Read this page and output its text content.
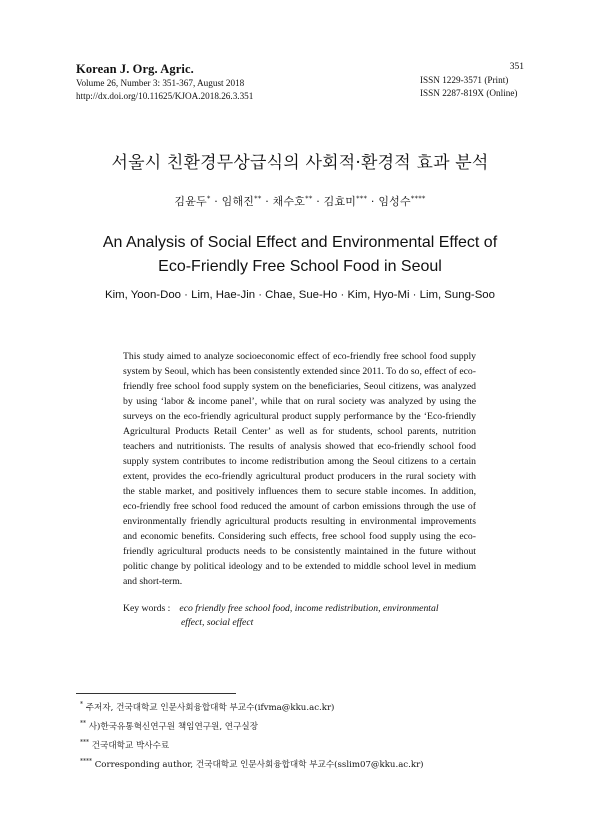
Korean J. Org. Agric.
Volume 26, Number 3: 351-367, August 2018
http://dx.doi.org/10.11625/KJOA.2018.26.3.351
351
ISSN 1229-3571 (Print)
ISSN 2287-819X (Online)
서울시 친환경무상급식의 사회적·환경적 효과 분석
김윤두* · 임해진** · 채수호** · 김효미*** · 임성수****
An Analysis of Social Effect and Environmental Effect of
Eco-Friendly Free School Food in Seoul
Kim, Yoon-Doo · Lim, Hae-Jin · Chae, Sue-Ho · Kim, Hyo-Mi · Lim, Sung-Soo

This study aimed to analyze socioeconomic effect of eco-friendly free school food supply system by Seoul, which has been consistently extended since 2011. To do so, effect of eco-friendly free school food supply system on the beneficiaries, Seoul citizens, was analyzed by using ‘labor & income panel’, while that on rural society was analyzed by using the surveys on the eco-friendly agricultural product supply performance by the ‘Eco-friendly Agricultural Products Retail Center’ as well as for students, school parents, nutrition teachers and nutritionists. The results of analysis showed that eco-friendly school food supply system contributes to income redistribution among the Seoul citizens to a certain extent, provides the eco-friendly agricultural product producers in the rural society with the stable market, and positively influences them to secure stable incomes. In addition, eco-friendly free school food reduced the amount of carbon emissions through the use of environmentally friendly agricultural products resulting in environmental improvements and economic benefits. Considering such effects, free school food supply using the eco-friendly agricultural products needs to be consistently maintained in the future without politic change by political ideology and to be extended to middle school level in medium and short-term.

Key words : eco friendly free school food, income redistribution, environmental
effect, social effect
* 주저자, 건국대학교 인문사회융합대학 부교수(ifvma@kku.ac.kr)
** 사)한국유통혁신연구원 책임연구원, 연구실장
*** 건국대학교 박사수료
**** Corresponding author, 건국대학교 인문사회융합대학 부교수(sslim07@kku.ac.kr)
